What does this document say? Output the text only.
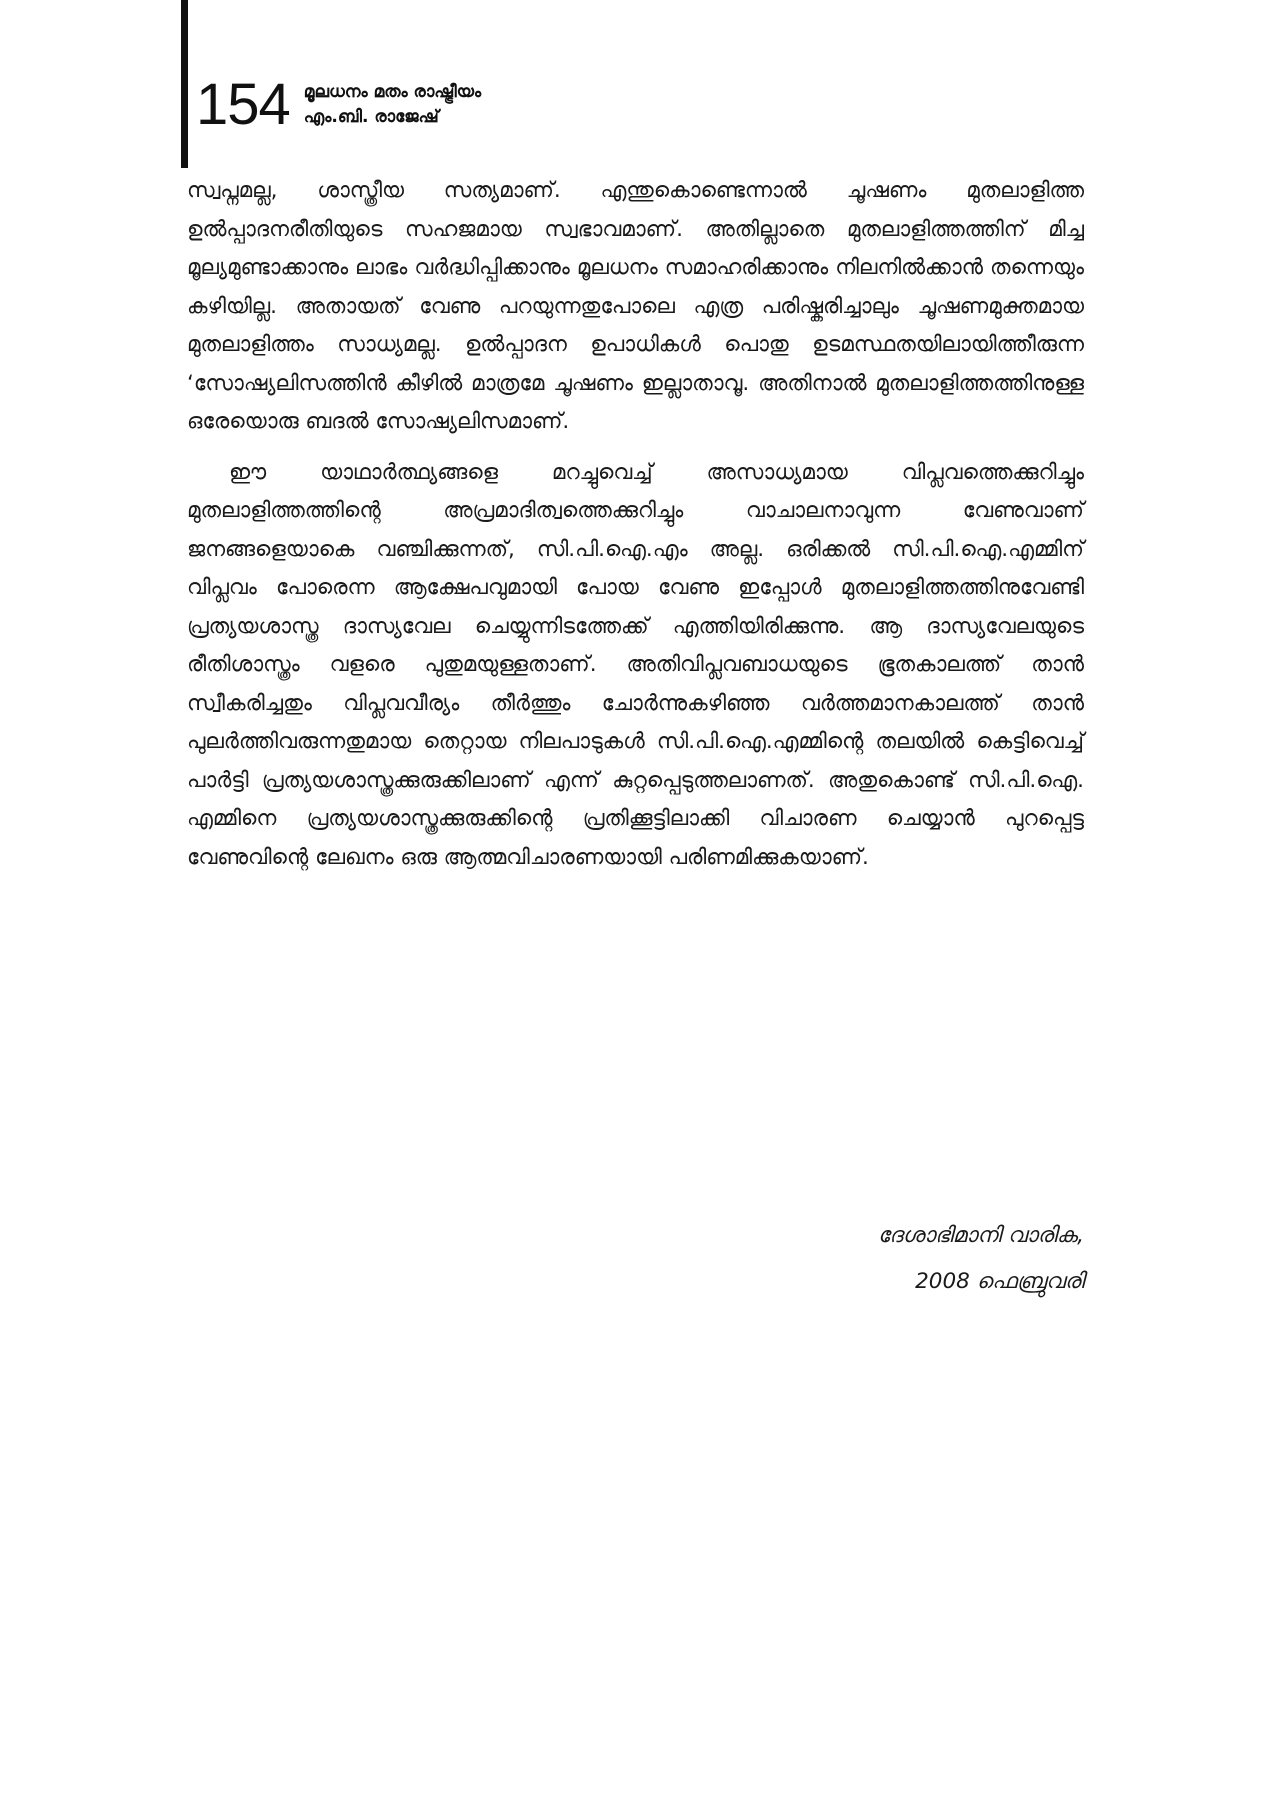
154 മൂലധനം മതം രാഷ്ട്രീയം
എം.ബി. രാജേഷ്

സ്വപ്നമല്ല, ശാസ്ത്രീയ സത്യമാണ്. എന്തുകൊണ്ടെന്നാൽ ചൂഷണം മുതലാളിത്ത ഉൽപ്പാദനരീതിയുടെ സഹജമായ സ്വഭാവമാണ്. അതില്ലാതെ മുതലാളിത്തത്തിന് മിച്ച മൂല്യമുണ്ടാക്കാനും ലാഭം വർദ്ധിപ്പിക്കാനും മൂലധനം സമാഹരിക്കാനും നിലനിൽക്കാൻ തന്നെയും കഴിയില്ല. അതായത് വേണു പറയുന്നതുപോലെ എത്ര പരിഷ്കരിച്ചാലും ചൂഷണമുക്തമായ മുതലാളിത്തം സാധ്യമല്ല. ഉൽപ്പാദന ഉപാധികൾ പൊതു ഉടമസ്ഥതയിലായിത്തീരുന്ന ‘സോഷ്യലിസത്തിൻ കീഴിൽ മാത്രമേ ചൂഷണം ഇല്ലാതാവൂ. അതിനാൽ മുതലാളിത്തത്തിനുള്ള ഒരേയൊരു ബദൽ സോഷ്യലിസമാണ്.

ഈ യാഥാർത്ഥ്യങ്ങളെ മറച്ചുവെച്ച് അസാധ്യമായ വിപ്ലവത്തെക്കുറിച്ചും മുതലാളിത്തത്തിന്റെ അപ്രമാദിത്വത്തെക്കുറിച്ചും വാചാലനാവുന്ന വേണുവാണ് ജനങ്ങളെയാകെ വഞ്ചിക്കുന്നത്, സി.പി.ഐ.എം അല്ല. ഒരിക്കൽ സി.പി.ഐ.എമ്മിന് വിപ്ലവം പോരെന്ന ആക്ഷേപവുമായി പോയ വേണു ഇപ്പോൾ മുതലാളിത്തത്തിനുവേണ്ടി പ്രത്യയശാസ്ത്ര ദാസ്യവേല ചെയ്യുന്നിടത്തേക്ക് എത്തിയിരിക്കുന്നു. ആ ദാസ്യവേലയുടെ രീതിശാസ്ത്രം വളരെ പുതുമയുള്ളതാണ്. അതിവിപ്ലവബാധയുടെ ഭൂതകാലത്ത് താൻ സ്വീകരിച്ചതും വിപ്ലവവീര്യം തീർത്തും ചോർന്നുകഴിഞ്ഞ വർത്തമാനകാലത്ത് താൻ പുലർത്തിവരുന്നതുമായ തെറ്റായ നിലപാടുകൾ സി.പി.ഐ.എമ്മിന്റെ തലയിൽ കെട്ടിവെച്ച് പാർട്ടി പ്രത്യയശാസ്ത്രക്കുരുക്കിലാണ് എന്ന് കുറ്റപ്പെടുത്തലാണത്. അതുകൊണ്ട് സി.പി.ഐ. എമ്മിനെ പ്രത്യയശാസ്ത്രക്കുരുക്കിന്റെ പ്രതിക്കൂട്ടിലാക്കി വിചാരണ ചെയ്യാൻ പുറപ്പെട്ട വേണുവിന്റെ ലേഖനം ഒരു ആത്മവിചാരണയായി പരിണമിക്കുകയാണ്.

ദേശാഭിമാനി വാരിക,
2008 ഫെബ്രുവരി
